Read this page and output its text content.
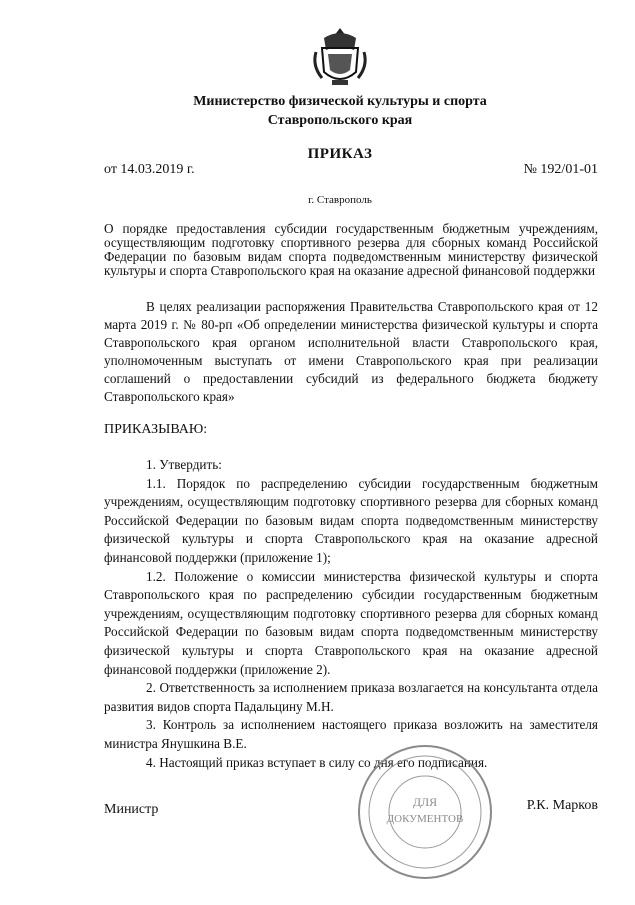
Министерство физической культуры и спорта
Ставропольского края
ПРИКАЗ
от 14.03.2019 г.	№ 192/01-01
г. Ставрополь
О порядке предоставления субсидии государственным бюджетным учреждениям, осуществляющим подготовку спортивного резерва для сборных команд Российской Федерации по базовым видам спорта подведомственным министерству физической культуры и спорта Ставропольского края на оказание адресной финансовой поддержки
В целях реализации распоряжения Правительства Ставропольского края от 12 марта 2019 г. № 80-рп «Об определении министерства физической культуры и спорта Ставропольского края органом исполнительной власти Ставропольского края, уполномоченным выступать от имени Ставропольского края при реализации соглашений о предоставлении субсидий из федерального бюджета бюджету Ставропольского края»
ПРИКАЗЫВАЮ:

1. Утвердить:

1.1. Порядок по распределению субсидии государственным бюджетным учреждениям, осуществляющим подготовку спортивного резерва для сборных команд Российской Федерации по базовым видам спорта подведомственным министерству физической культуры и спорта Ставропольского края на оказание адресной финансовой поддержки (приложение 1);

1.2. Положение о комиссии министерства физической культуры и спорта Ставропольского края по распределению субсидии государственным бюджетным учреждениям, осуществляющим подготовку спортивного резерва для сборных команд Российской Федерации по базовым видам спорта подведомственным министерству физической культуры и спорта Ставропольского края на оказание адресной финансовой поддержки (приложение 2).

2. Ответственность за исполнением приказа возлагается на консультанта отдела развития видов спорта Падальцину М.Н.

3. Контроль за исполнением настоящего приказа возложить на заместителя министра Янушкина В.Е.

4. Настоящий приказ вступает в силу со дня его подписания.

Министр	Р.К. Марков
ДЛЯ
ДОКУМЕНТОВ
